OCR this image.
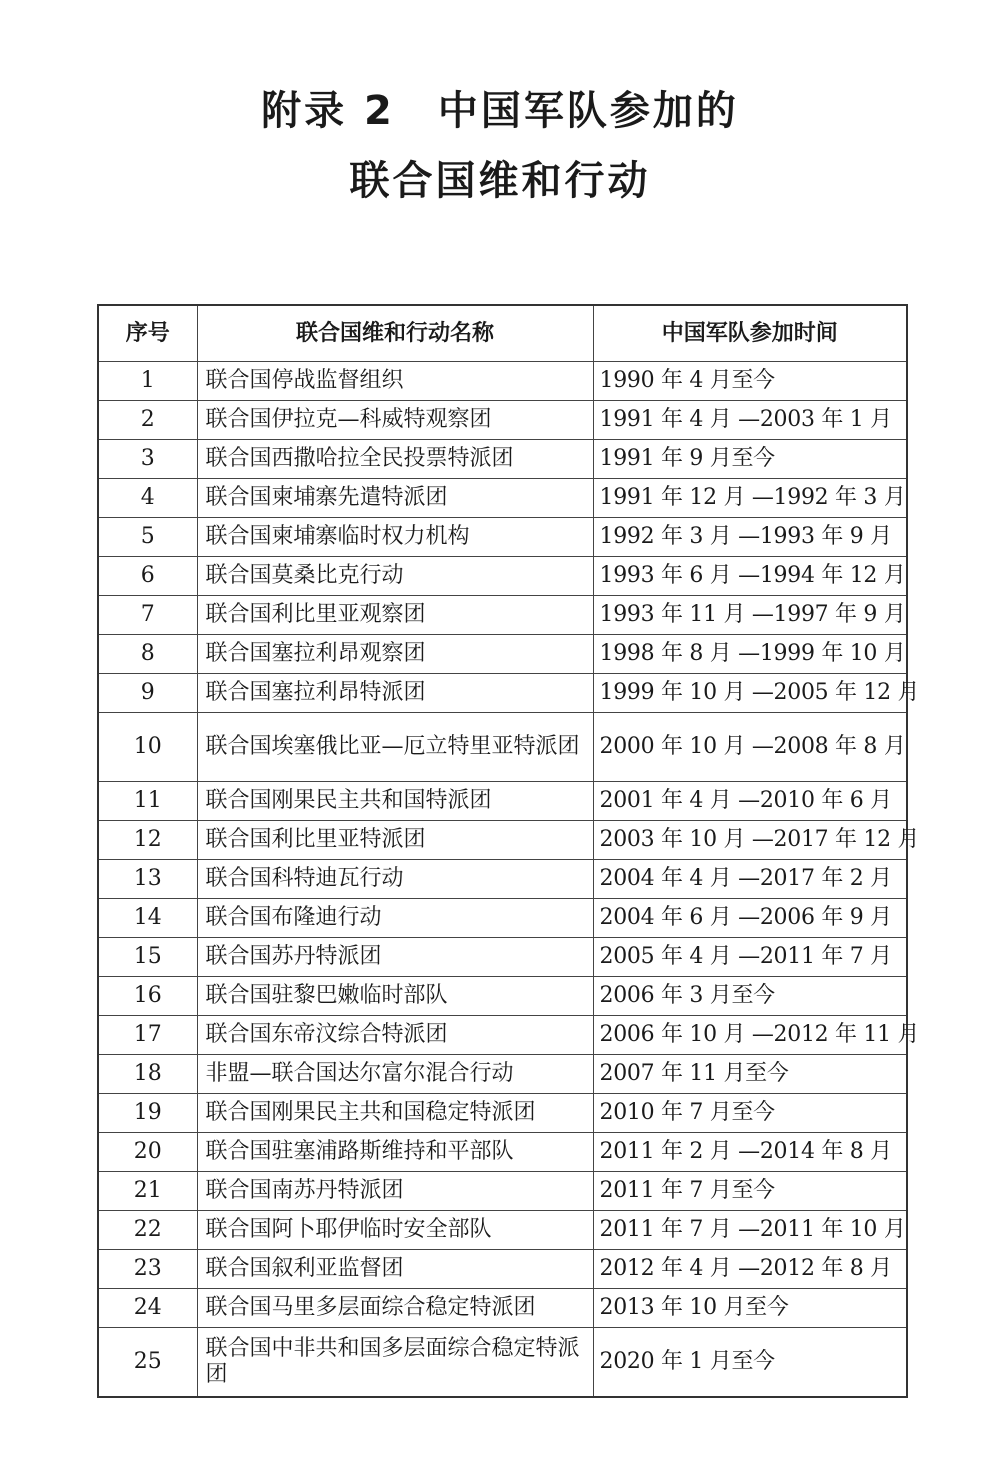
附录 2　中国军队参加的
联合国维和行动
序号	联合国维和行动名称	中国军队参加时间
1	联合国停战监督组织	1990 年 4 月至今
2	联合国伊拉克—科威特观察团	1991 年 4 月 —2003 年 1 月
3	联合国西撒哈拉全民投票特派团	1991 年 9 月至今
4	联合国柬埔寨先遣特派团	1991 年 12 月 —1992 年 3 月
5	联合国柬埔寨临时权力机构	1992 年 3 月 —1993 年 9 月
6	联合国莫桑比克行动	1993 年 6 月 —1994 年 12 月
7	联合国利比里亚观察团	1993 年 11 月 —1997 年 9 月
8	联合国塞拉利昂观察团	1998 年 8 月 —1999 年 10 月
9	联合国塞拉利昂特派团	1999 年 10 月 —2005 年 12 月
10	联合国埃塞俄比亚—厄立特里亚特派团	2000 年 10 月 —2008 年 8 月
11	联合国刚果民主共和国特派团	2001 年 4 月 —2010 年 6 月
12	联合国利比里亚特派团	2003 年 10 月 —2017 年 12 月
13	联合国科特迪瓦行动	2004 年 4 月 —2017 年 2 月
14	联合国布隆迪行动	2004 年 6 月 —2006 年 9 月
15	联合国苏丹特派团	2005 年 4 月 —2011 年 7 月
16	联合国驻黎巴嫩临时部队	2006 年 3 月至今
17	联合国东帝汶综合特派团	2006 年 10 月 —2012 年 11 月
18	非盟—联合国达尔富尔混合行动	2007 年 11 月至今
19	联合国刚果民主共和国稳定特派团	2010 年 7 月至今
20	联合国驻塞浦路斯维持和平部队	2011 年 2 月 —2014 年 8 月
21	联合国南苏丹特派团	2011 年 7 月至今
22	联合国阿卜耶伊临时安全部队	2011 年 7 月 —2011 年 10 月
23	联合国叙利亚监督团	2012 年 4 月 —2012 年 8 月
24	联合国马里多层面综合稳定特派团	2013 年 10 月至今
25	联合国中非共和国多层面综合稳定特派团	2020 年 1 月至今
